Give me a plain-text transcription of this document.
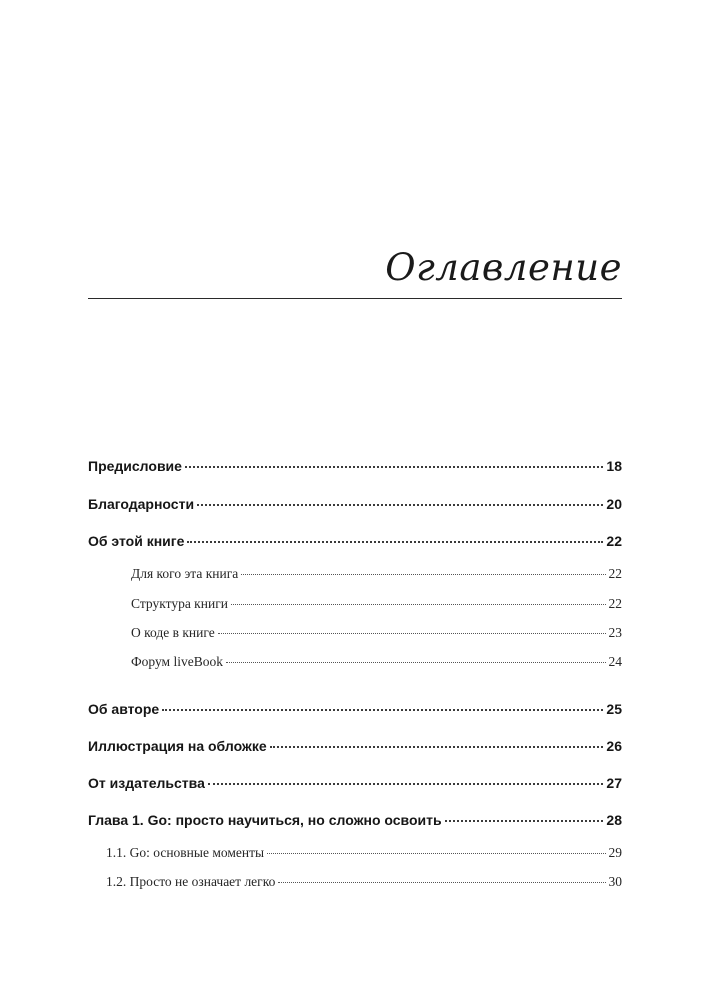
Оглавление
Предисловие	18
Благодарности	20
Об этой книге	22
Для кого эта книга	22
Структура книги	22
О коде в книге	23
Форум liveBook	24
Об авторе	25
Иллюстрация на обложке	26
От издательства	27
Глава 1. Go: просто научиться, но сложно освоить	28
1.1. Go: основные моменты	29
1.2. Просто не означает легко	30
